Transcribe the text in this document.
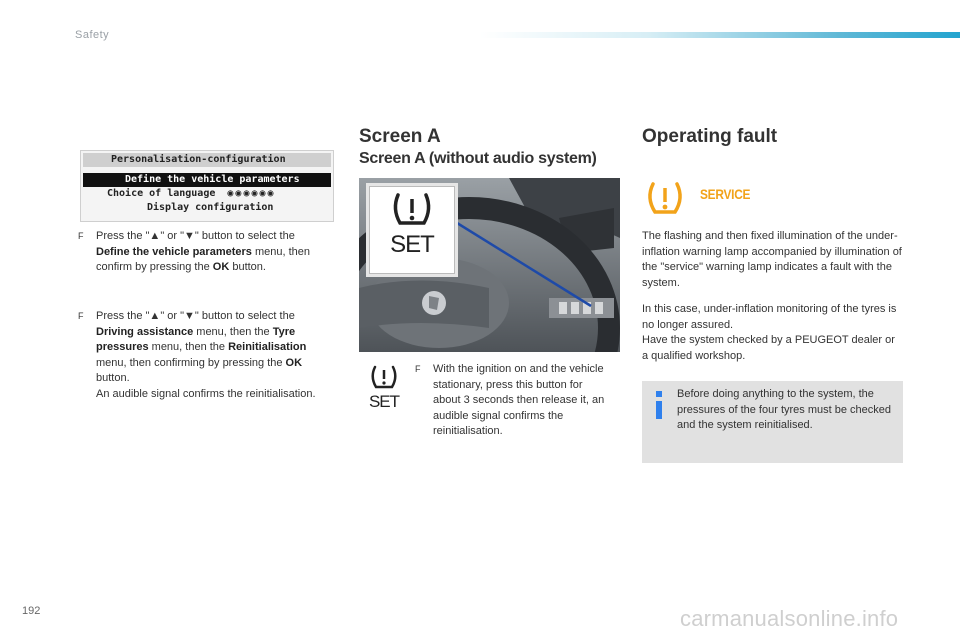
Safety
Personalisation-configuration
Define the vehicle parameters
Choice of language ◉◉◉◉◉◉
Display configuration
F Press the "▲" or "▼" button to select the
Define the vehicle parameters menu, then confirm by pressing the OK button.
F Press the "▲" or "▼" button to select the
Driving assistance menu, then the Tyre pressures menu, then the Reinitialisation menu, then confirming by pressing the OK button.
An audible signal confirms the reinitialisation.
Screen A
Screen A (without audio system)
SET
SET
F With the ignition on and the vehicle stationary, press this button for about 3 seconds then release it, an audible signal confirms the reinitialisation.
Operating fault
SERVICE
The flashing and then fixed illumination of the under-inflation warning lamp accompanied by illumination of the "service" warning lamp indicates a fault with the system.
In this case, under-inflation monitoring of the tyres is no longer assured.
Have the system checked by a PEUGEOT dealer or a qualified workshop.
Before doing anything to the system, the pressures of the four tyres must be checked and the system reinitialised.
192	carmanualsonline.info
